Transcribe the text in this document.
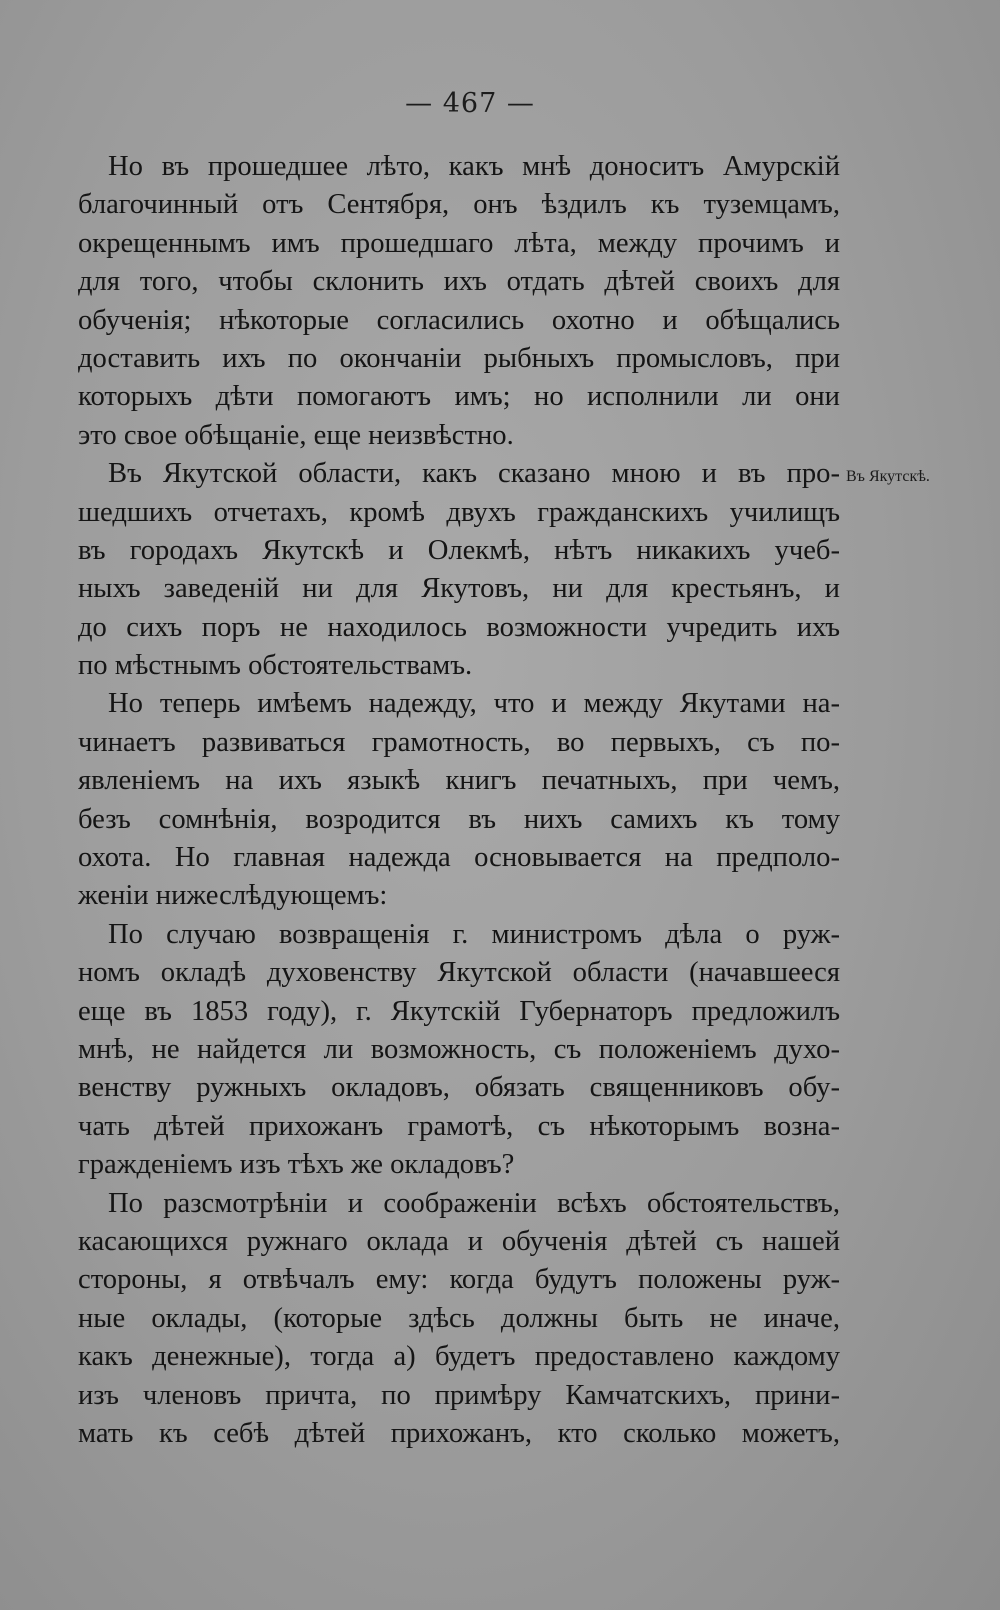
— 467 —
Но въ прошедшее лѣто, какъ мнѣ доноситъ Амурскій
благочинный отъ Сентября, онъ ѣздилъ къ туземцамъ,
окрещеннымъ имъ прошедшаго лѣта, между прочимъ и
для того, чтобы склонить ихъ отдать дѣтей своихъ для
обученія; нѣкоторые согласились охотно и обѣщались
доставить ихъ по окончаніи рыбныхъ промысловъ, при
которыхъ дѣти помогаютъ имъ; но исполнили ли они
это свое обѣщаніе, еще неизвѣстно.
Въ Якутской области, какъ сказано мною и въ про-
шедшихъ отчетахъ, кромѣ двухъ гражданскихъ училищъ
въ городахъ Якутскѣ и Олекмѣ, нѣтъ никакихъ учеб-
ныхъ заведеній ни для Якутовъ, ни для крестьянъ, и
до сихъ поръ не находилось возможности учредить ихъ
по мѣстнымъ обстоятельствамъ.
Но теперь имѣемъ надежду, что и между Якутами на-
чинаетъ развиваться грамотность, во первыхъ, съ по-
явленіемъ на ихъ языкѣ книгъ печатныхъ, при чемъ,
безъ сомнѣнія, возродится въ нихъ самихъ къ тому
охота. Но главная надежда основывается на предполо-
женіи нижеслѣдующемъ:
По случаю возвращенія г. министромъ дѣла о руж-
номъ окладѣ духовенству Якутской области (начавшееся
еще въ 1853 году), г. Якутскій Губернаторъ предложилъ
мнѣ, не найдется ли возможность, съ положеніемъ духо-
венству ружныхъ окладовъ, обязать священниковъ обу-
чать дѣтей прихожанъ грамотѣ, съ нѣкоторымъ возна-
гражденіемъ изъ тѣхъ же окладовъ?
По разсмотрѣніи и соображеніи всѣхъ обстоятельствъ,
касающихся ружнаго оклада и обученія дѣтей съ нашей
стороны, я отвѣчалъ ему: когда будутъ положены руж-
ные оклады, (которые здѣсь должны быть не иначе,
какъ денежные), тогда а) будетъ предоставлено каждому
изъ членовъ причта, по примѣру Камчатскихъ, прини-
мать къ себѣ дѣтей прихожанъ, кто сколько можетъ,
Въ Якутскѣ.
